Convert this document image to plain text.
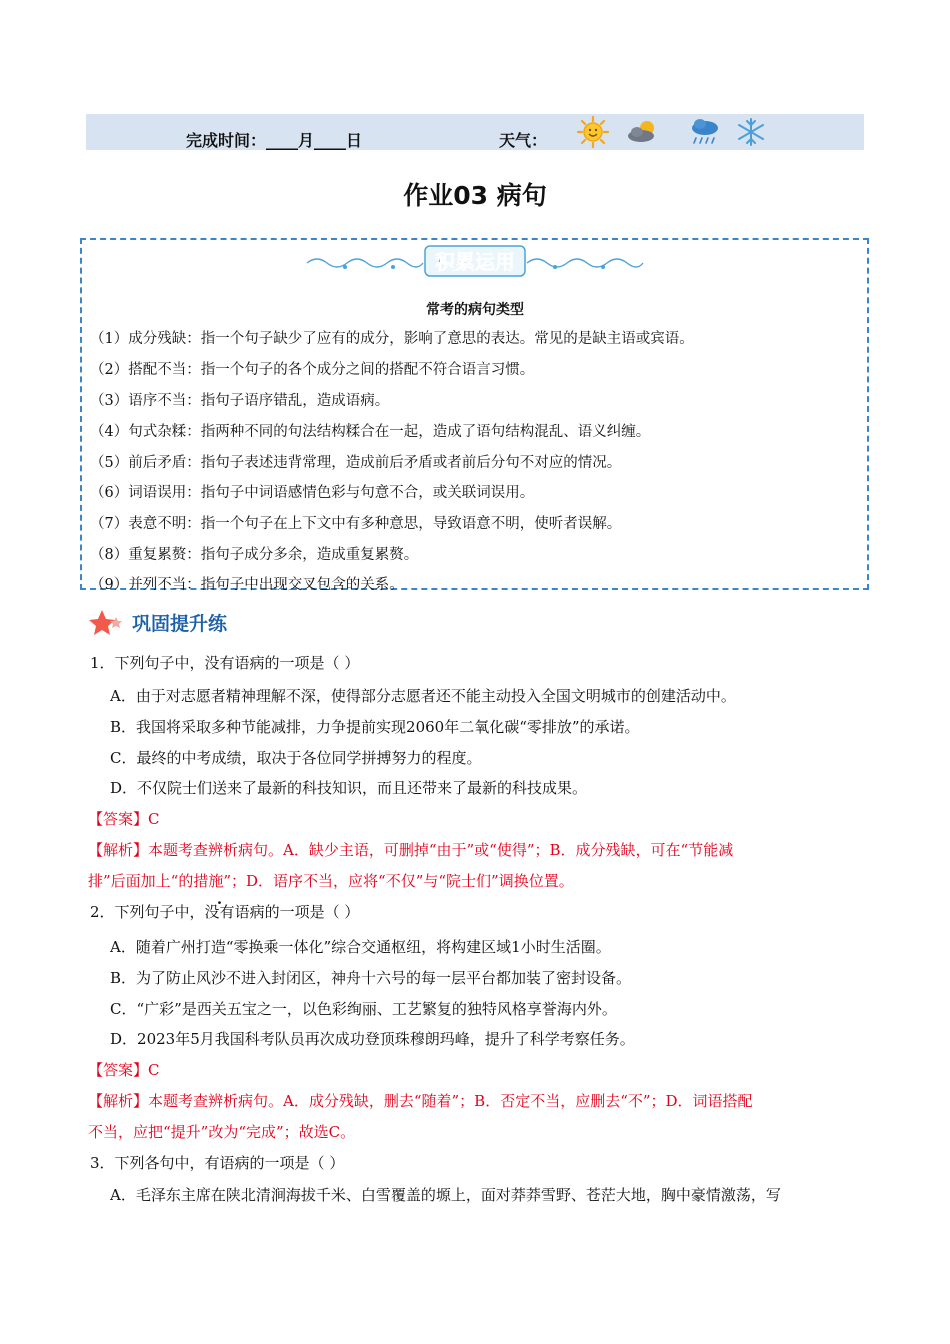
完成时间：____月____日	天气：
作业03 病句
积累运用
常考的病句类型
（1）成分残缺：指一个句子缺少了应有的成分，影响了意思的表达。常见的是缺主语或宾语。
（2）搭配不当：指一个句子的各个成分之间的搭配不符合语言习惯。
（3）语序不当：指句子语序错乱，造成语病。
（4）句式杂糅：指两种不同的句法结构糅合在一起，造成了语句结构混乱、语义纠缠。
（5）前后矛盾：指句子表述违背常理，造成前后矛盾或者前后分句不对应的情况。
（6）词语误用：指句子中词语感情色彩与句意不合，或关联词误用。
（7）表意不明：指一个句子在上下文中有多种意思，导致语意不明，使听者误解。
（8）重复累赘：指句子成分多余，造成重复累赘。
（9）并列不当：指句子中出现交叉包含的关系。
巩固提升练
1．下列句子中，没有语病的一项是（ ）
A．由于对志愿者精神理解不深，使得部分志愿者还不能主动投入全国文明城市的创建活动中。
B．我国将采取多种节能减排，力争提前实现2060年二氧化碳“零排放”的承诺。
C．最终的中考成绩，取决于各位同学拼搏努力的程度。
D．不仅院士们送来了最新的科技知识，而且还带来了最新的科技成果。
【答案】C
【解析】本题考查辨析病句。A．缺少主语，可删掉“由于”或“使得”；B．成分残缺，可在“节能减
排”后面加上“的措施”；D．语序不当，应将“不仅”与“院士们”调换位置。
2．下列句子中，没有语病的一项是（ ）
A．随着广州打造“零换乘一体化”综合交通枢纽，将构建区域1小时生活圈。
B．为了防止风沙不进入封闭区，神舟十六号的每一层平台都加装了密封设备。
C．“广彩”是西关五宝之一，以色彩绚丽、工艺繁复的独特风格享誉海内外。
D．2023年5月我国科考队员再次成功登顶珠穆朗玛峰，提升了科学考察任务。
【答案】C
【解析】本题考查辨析病句。A．成分残缺，删去“随着”；B．否定不当，应删去“不”；D．词语搭配
不当，应把“提升”改为“完成”；故选C。
3．下列各句中，有语病的一项是（ ）
A．毛泽东主席在陕北清涧海拔千米、白雪覆盖的塬上，面对莽莽雪野、苍茫大地，胸中豪情激荡，写
